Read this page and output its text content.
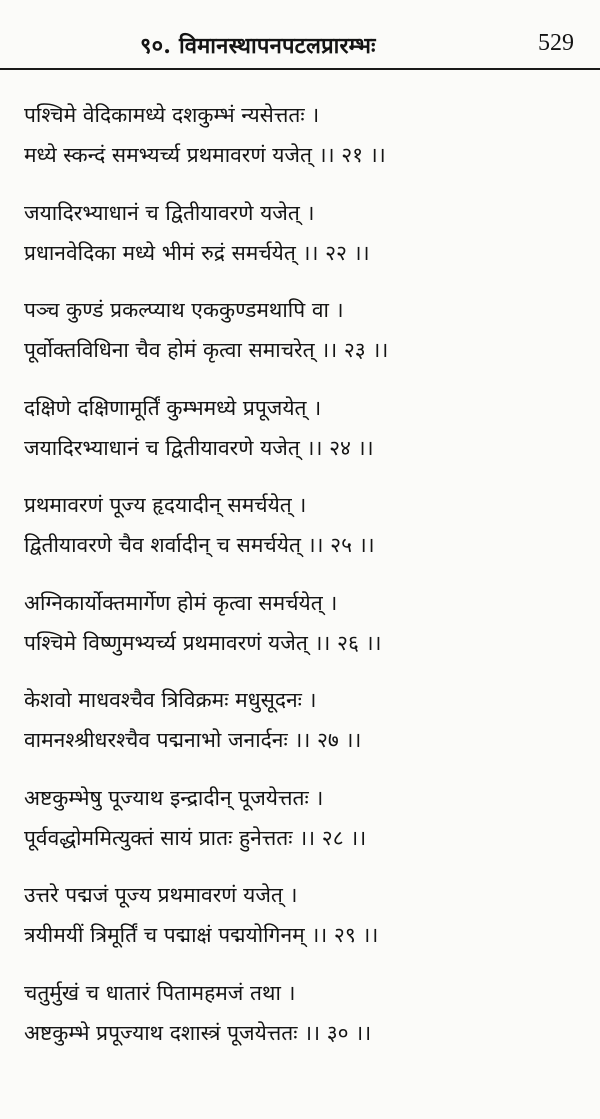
९०. विमानस्थापनपटलप्रारम्भः	529
पश्चिमे वेदिकामध्ये दशकुम्भं न्यसेत्ततः ।
मध्ये स्कन्दं समभ्यर्च्य प्रथमावरणं यजेत् ।। २१ ।।
जयादिरभ्याधानं च द्वितीयावरणे यजेत् ।
प्रधानवेदिका मध्ये भीमं रुद्रं समर्चयेत् ।। २२ ।।
पञ्च कुण्डं प्रकल्प्याथ एककुण्डमथापि वा ।
पूर्वोक्तविधिना चैव होमं कृत्वा समाचरेत् ।। २३ ।।
दक्षिणे दक्षिणामूर्तिं कुम्भमध्ये प्रपूजयेत् ।
जयादिरभ्याधानं च द्वितीयावरणे यजेत् ।। २४ ।।
प्रथमावरणं पूज्य हृदयादीन् समर्चयेत् ।
द्वितीयावरणे चैव शर्वादीन् च समर्चयेत् ।। २५ ।।
अग्निकार्योक्तमार्गेण होमं कृत्वा समर्चयेत् ।
पश्चिमे विष्णुमभ्यर्च्य प्रथमावरणं यजेत् ।। २६ ।।
केशवो माधवश्चैव त्रिविक्रमः मधुसूदनः ।
वामनश्श्रीधरश्चैव पद्मनाभो जनार्दनः ।। २७ ।।
अष्टकुम्भेषु पूज्याथ इन्द्रादीन् पूजयेत्ततः ।
पूर्ववद्धोममित्युक्तं सायं प्रातः हुनेत्ततः ।। २८ ।।
उत्तरे पद्मजं पूज्य प्रथमावरणं यजेत् ।
त्रयीमयीं त्रिमूर्तिं च पद्माक्षं पद्मयोगिनम् ।। २९ ।।
चतुर्मुखं च धातारं पितामहमजं तथा ।
अष्टकुम्भे प्रपूज्याथ दशास्त्रं पूजयेत्ततः ।। ३० ।।
